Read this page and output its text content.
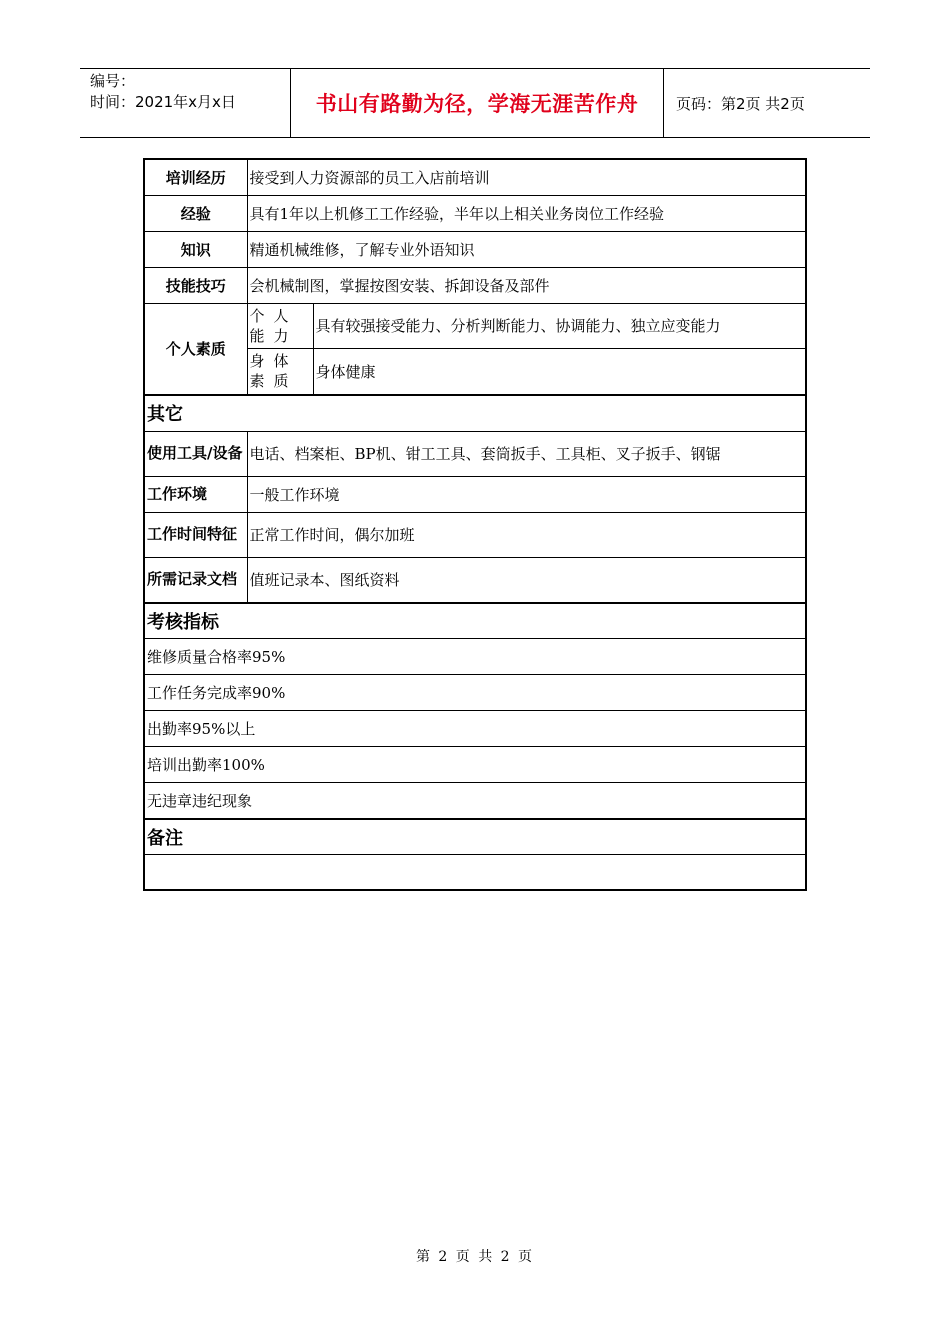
编号：
时间：2021年x月x日	书山有路勤为径，学海无涯苦作舟	页码：第2页 共2页
培训经历	接受到人力资源部的员工入店前培训	
经验	具有1年以上机修工工作经验，半年以上相关业务岗位工作经验	
知识	精通机械维修，了解专业外语知识	
技能技巧	会机械制图，掌握按图安装、拆卸设备及部件	
个人素质	个人能力	具有较强接受能力、分析判断能力、协调能力、独立应变能力
	身体素质	身体健康
其它		
使用工具/设备	电话、档案柜、BP机、钳工工具、套筒扳手、工具柜、叉子扳手、钢锯	
工作环境	一般工作环境	
工作时间特征	正常工作时间，偶尔加班	
所需记录文档	值班记录本、图纸资料	
考核指标		
维修质量合格率95%		
工作任务完成率90%		
出勤率95%以上		
培训出勤率100%		
无违章违纪现象		
备注		

第 2 页 共 2 页
